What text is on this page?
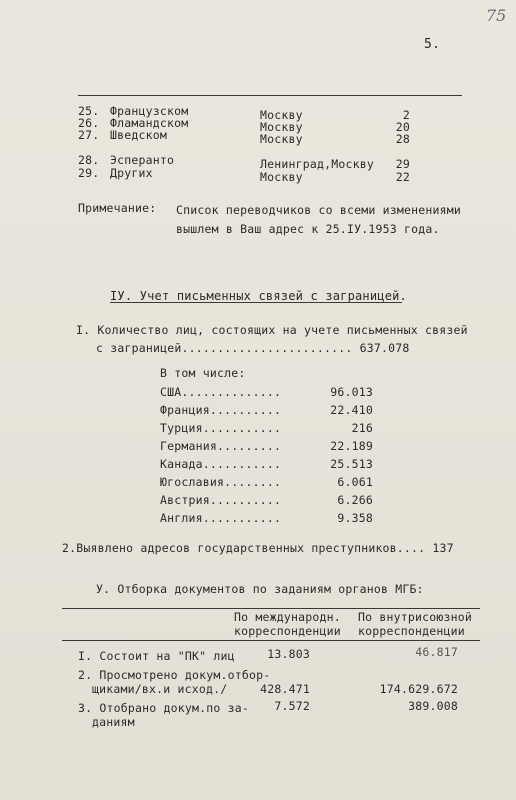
75
5.
25. Французском	Москву	2
26. Фламандском	Москву	20
27. Шведском	Москву	28
28. Эсперанто	Ленинград,Москву	29
29. Других	Москву	22
Примечание: Список переводчиков со всеми изменениями
вышлем в Ваш адрес к 25.IУ.1953 года.
IУ. Учет письменных связей с заграницей.
I. Количество лиц, состоящих на учете письменных связей
с заграницей........................ 637.078
В том числе:
США..............	96.013
Франция..........	22.410
Турция...........	216
Германия.........	22.189
Канада...........	25.513
Югославия........	6.061
Австрия..........	6.266
Англия...........	9.358
2.Выявлено адресов государственных преступников.... 137
У. Отборка документов по заданиям органов МГБ:
По международн.
корреспонденции
По внутрисоюзной
корреспонденции
I. Состоит на "ПК" лиц	13.803	46.817
2. Просмотрено докум.отбор-
щиками/вх.и исход./	428.471	174.629.672
3. Отобрано докум.по за-
даниям
7.572	389.008
